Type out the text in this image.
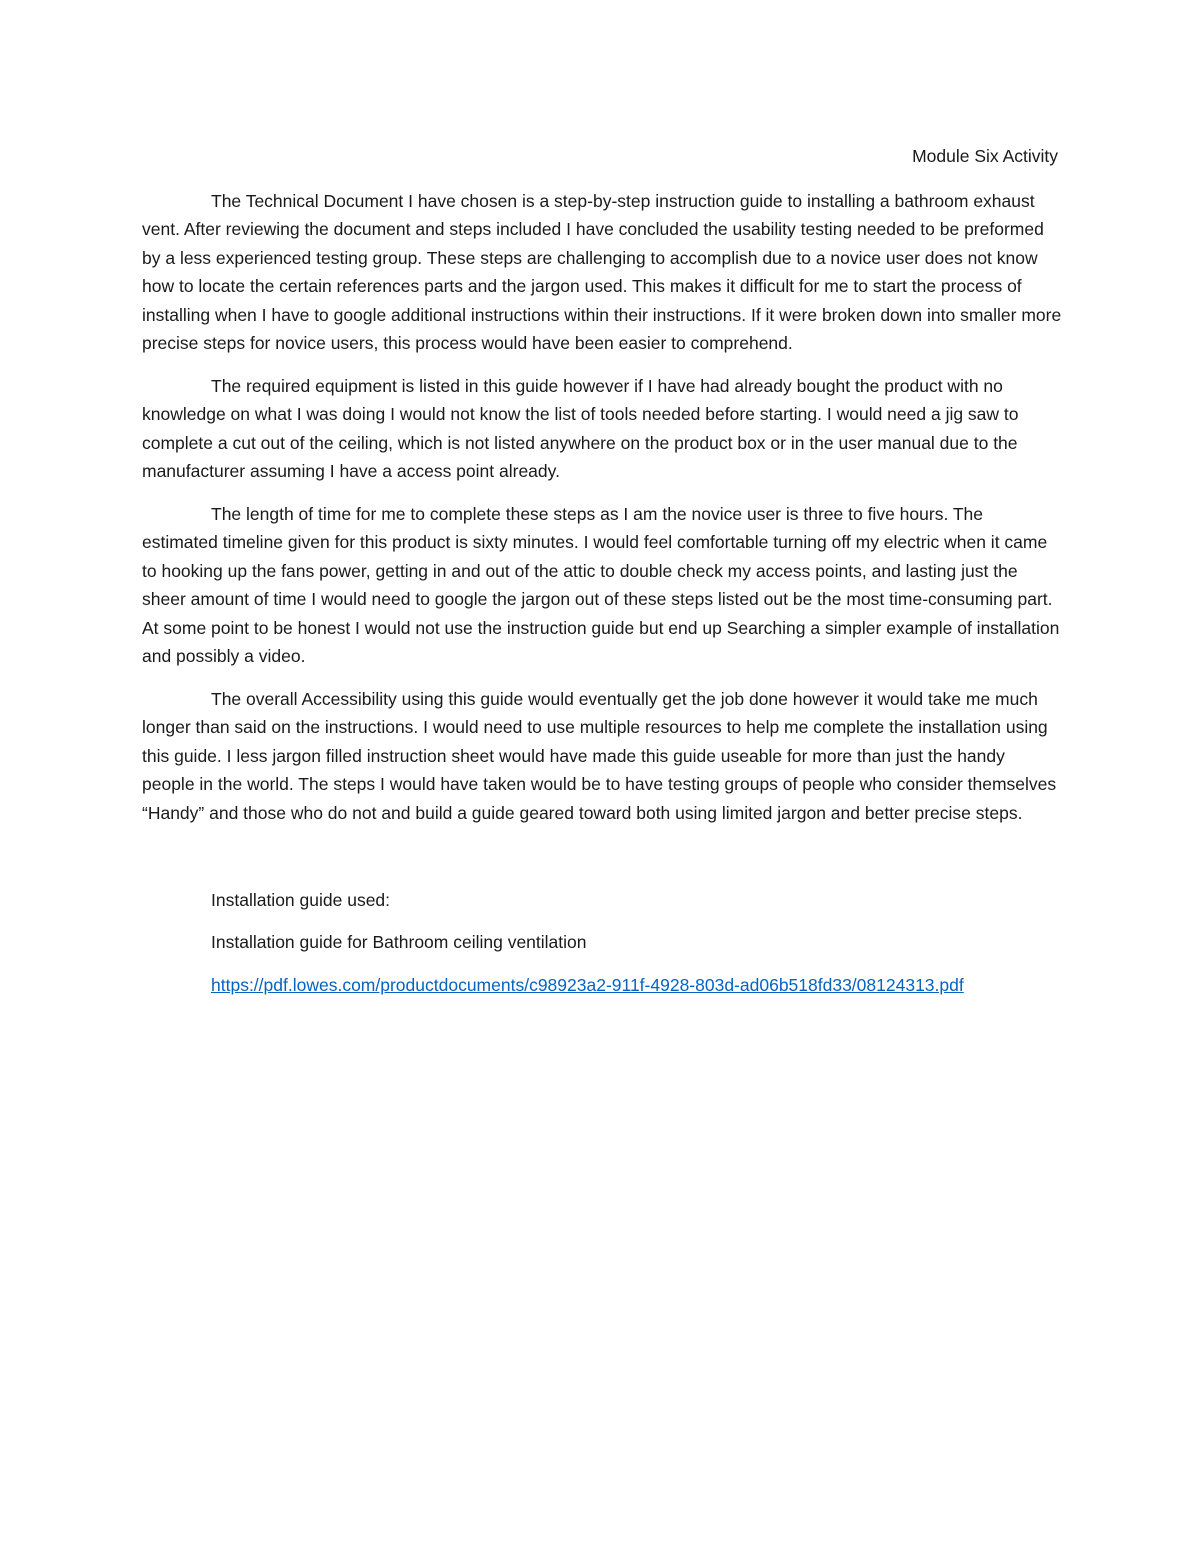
Module Six Activity

The Technical Document I have chosen is a step-by-step instruction guide to installing a bathroom exhaust vent. After reviewing the document and steps included I have concluded the usability testing needed to be preformed by a less experienced testing group. These steps are challenging to accomplish due to a novice user does not know how to locate the certain references parts and the jargon used. This makes it difficult for me to start the process of installing when I have to google additional instructions within their instructions. If it were broken down into smaller more precise steps for novice users, this process would have been easier to comprehend.

The required equipment is listed in this guide however if I have had already bought the product with no knowledge on what I was doing I would not know the list of tools needed before starting. I would need a jig saw to complete a cut out of the ceiling, which is not listed anywhere on the product box or in the user manual due to the manufacturer assuming I have a access point already.

The length of time for me to complete these steps as I am the novice user is three to five hours. The estimated timeline given for this product is sixty minutes. I would feel comfortable turning off my electric when it came to hooking up the fans power, getting in and out of the attic to double check my access points, and lasting just the sheer amount of time I would need to google the jargon out of these steps listed out be the most time-consuming part. At some point to be honest I would not use the instruction guide but end up Searching a simpler example of installation and possibly a video.

The overall Accessibility using this guide would eventually get the job done however it would take me much longer than said on the instructions. I would need to use multiple resources to help me complete the installation using this guide. I less jargon filled instruction sheet would have made this guide useable for more than just the handy people in the world. The steps I would have taken would be to have testing groups of people who consider themselves “Handy” and those who do not and build a guide geared toward both using limited jargon and better precise steps.

Installation guide used:

Installation guide for Bathroom ceiling ventilation

https://pdf.lowes.com/productdocuments/c98923a2-911f-4928-803d-ad06b518fd33/08124313.pdf
